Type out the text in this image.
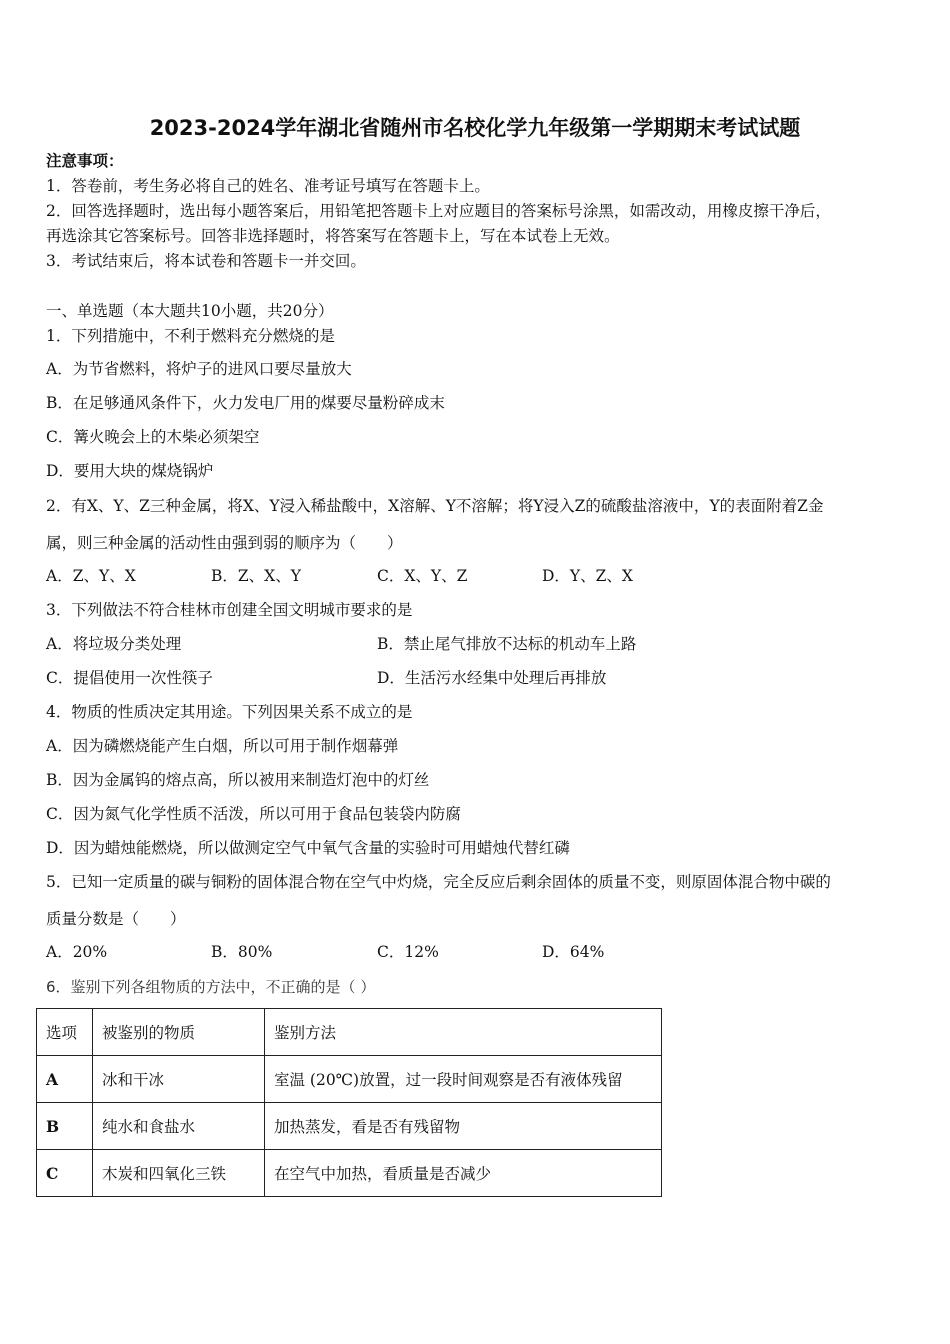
2023-2024学年湖北省随州市名校化学九年级第一学期期末考试试题
注意事项：
1．答卷前，考生务必将自己的姓名、准考证号填写在答题卡上。
2．回答选择题时，选出每小题答案后，用铅笔把答题卡上对应题目的答案标号涂黑，如需改动，用橡皮擦干净后，
再选涂其它答案标号。回答非选择题时，将答案写在答题卡上，写在本试卷上无效。
3．考试结束后，将本试卷和答题卡一并交回。
一、单选题（本大题共10小题，共20分）
1．下列措施中，不利于燃料充分燃烧的是
A．为节省燃料，将炉子的进风口要尽量放大
B．在足够通风条件下，火力发电厂用的煤要尽量粉碎成末
C．篝火晚会上的木柴必须架空
D．要用大块的煤烧锅炉
2．有X、Y、Z三种金属，将X、Y浸入稀盐酸中，X溶解、Y不溶解；将Y浸入Z的硫酸盐溶液中，Y的表面附着Z金
属，则三种金属的活动性由强到弱的顺序为（　　）
A．Z、Y、X	B．Z、X、Y	C．X、Y、Z	D．Y、Z、X
3．下列做法不符合桂林市创建全国文明城市要求的是
A．将垃圾分类处理	B．禁止尾气排放不达标的机动车上路
C．提倡使用一次性筷子	D．生活污水经集中处理后再排放
4．物质的性质决定其用途。下列因果关系不成立的是
A．因为磷燃烧能产生白烟，所以可用于制作烟幕弹
B．因为金属钨的熔点高，所以被用来制造灯泡中的灯丝
C．因为氮气化学性质不活泼，所以可用于食品包装袋内防腐
D．因为蜡烛能燃烧，所以做测定空气中氧气含量的实验时可用蜡烛代替红磷
5．已知一定质量的碳与铜粉的固体混合物在空气中灼烧，完全反应后剩余固体的质量不变，则原固体混合物中碳的
质量分数是（　　）
A．20%	B．80%	C．12%	D．64%
6．鉴别下列各组物质的方法中，不正确的是（ ）
选项	被鉴别的物质	鉴别方法
A	冰和干冰	室温 (20℃)放置，过一段时间观察是否有液体残留
B	纯水和食盐水	加热蒸发，看是否有残留物
C	木炭和四氧化三铁	在空气中加热，看质量是否减少
